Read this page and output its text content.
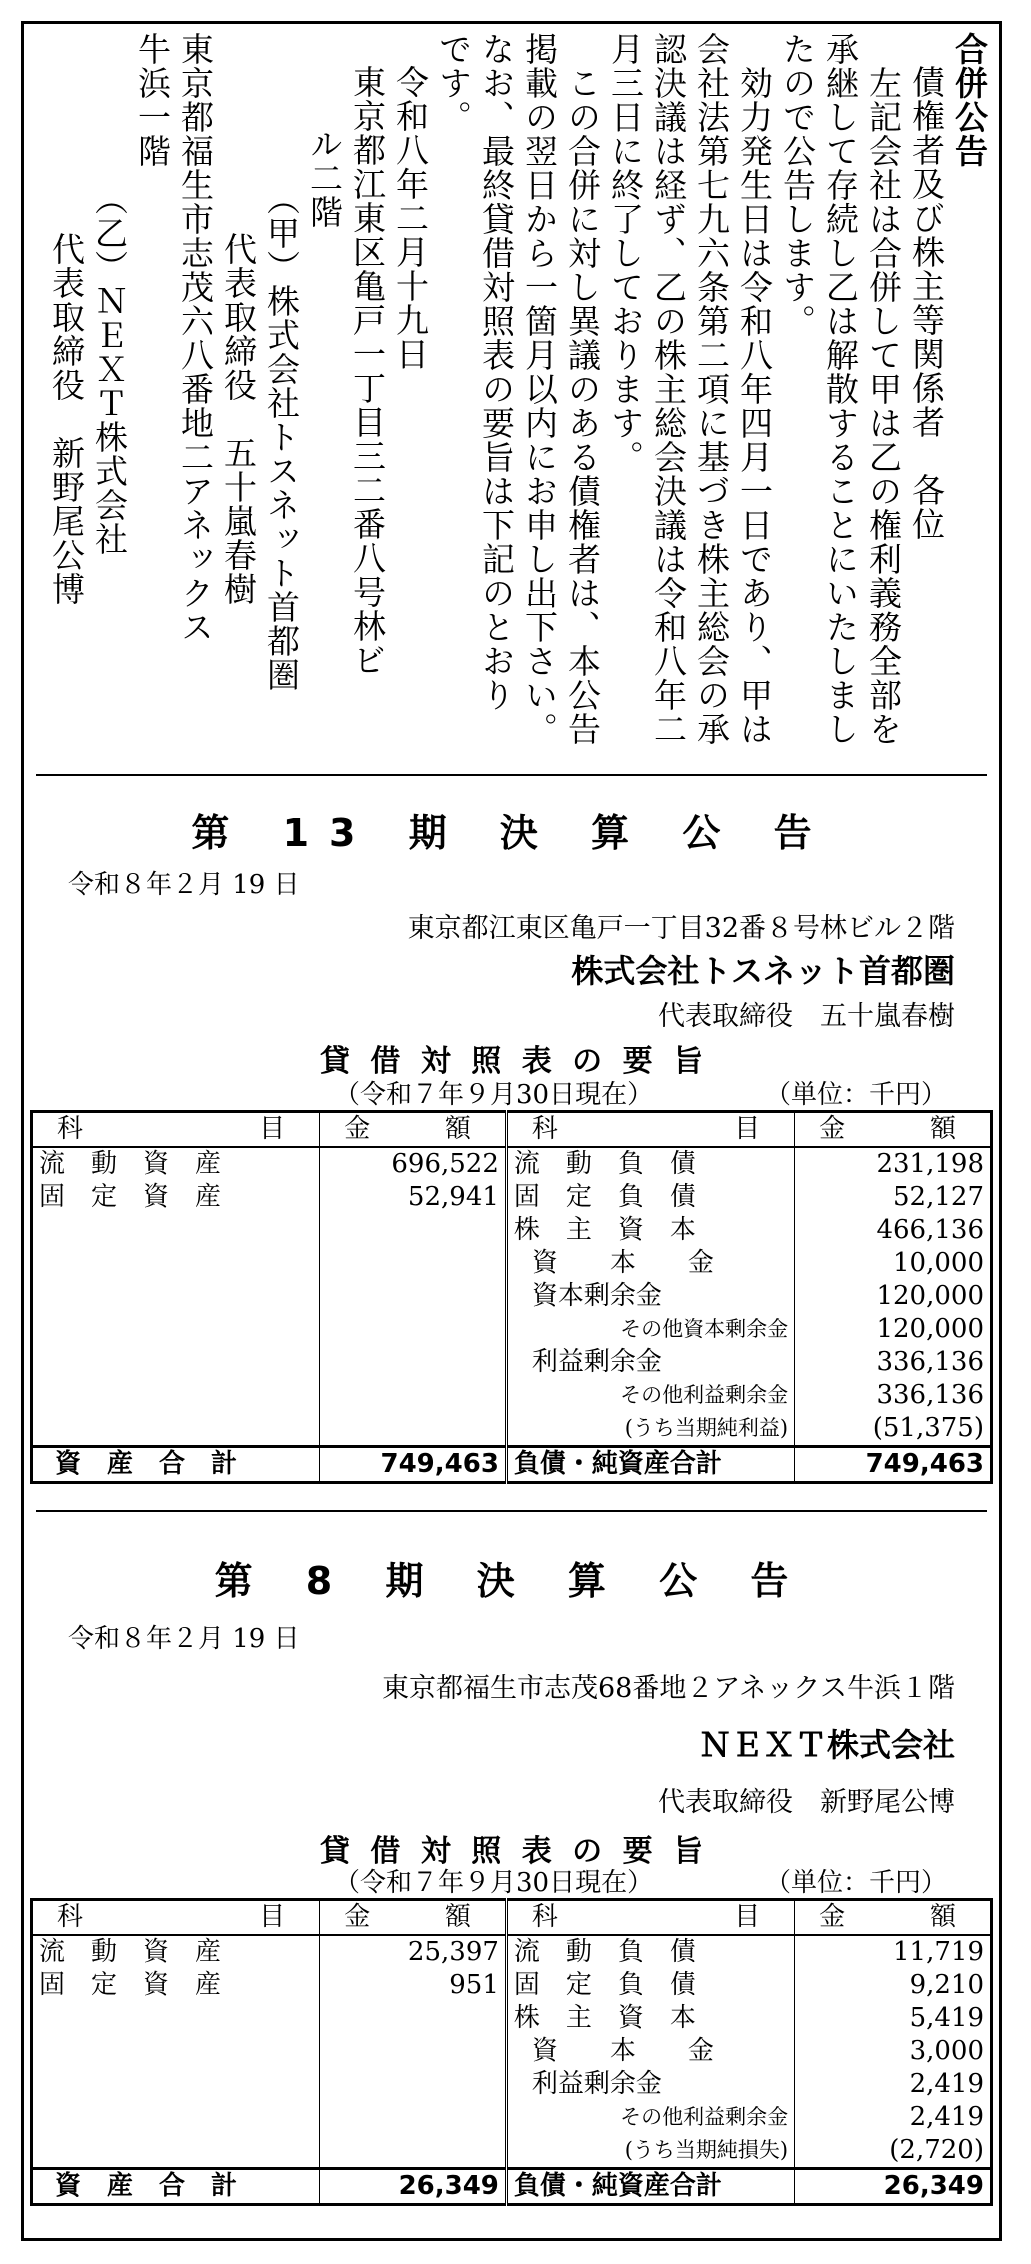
合併公告
債権者及び株主等関係者　各位
　左記会社は合併して甲は乙の権利義務全部を
承継して存続し乙は解散することにいたしまし
たので公告します。
　効力発生日は令和八年四月一日であり、甲は
会社法第七九六条第二項に基づき株主総会の承
認決議は経ず、乙の株主総会決議は令和八年二
月三日に終了しております。
　この合併に対し異議のある債権者は、本公告
掲載の翌日から一箇月以内にお申し出下さい。
なお、最終貸借対照表の要旨は下記のとおり
です。
令和八年二月十九日
東京都江東区亀戸一丁目三二番八号林ビ
ル二階
（甲）株式会社トスネット首都圏
代表取締役　五十嵐春樹
東京都福生市志茂六八番地二アネックス
牛浜一階
（乙）ＮＥＸＴ株式会社
代表取締役　新野尾公博
第 13 期 決 算 公 告
令和８年２月 19 日
東京都江東区亀戸一丁目32番８号林ビル２階
株式会社トスネット首都圏
代表取締役　五十嵐春樹
貸 借 対 照 表 の 要 旨
（令和７年９月30日現在）	（単位：千円）
科 目	金 額	科 目	金 額

流　動　資　産	696,522	流　動　負　債	231,198
固　定　資　産	52,941	固　定　負　債	52,127

		株　主　資　本	466,136

		資　　本　　金	10,000

		資本剰余金	120,000

		その他資本剰余金	120,000

		利益剰余金	336,136

		その他利益剰余金	336,136

		(うち当期純利益)	(51,375)
資　産　合　計	749,463	負債・純資産合計	749,463
第 8 期 決 算 公 告
令和８年２月 19 日
東京都福生市志茂68番地２アネックス牛浜１階
ＮＥＸＴ株式会社
代表取締役　新野尾公博
貸 借 対 照 表 の 要 旨
（令和７年９月30日現在）	（単位：千円）
科 目	金 額	科 目	金 額

流　動　資　産	25,397	流　動　負　債	11,719
固　定　資　産	951	固　定　負　債	9,210

		株　主　資　本	5,419

		資　　本　　金	3,000

		利益剰余金	2,419

		その他利益剰余金	2,419

		(うち当期純損失)	(2,720)
資　産　合　計	26,349	負債・純資産合計	26,349
